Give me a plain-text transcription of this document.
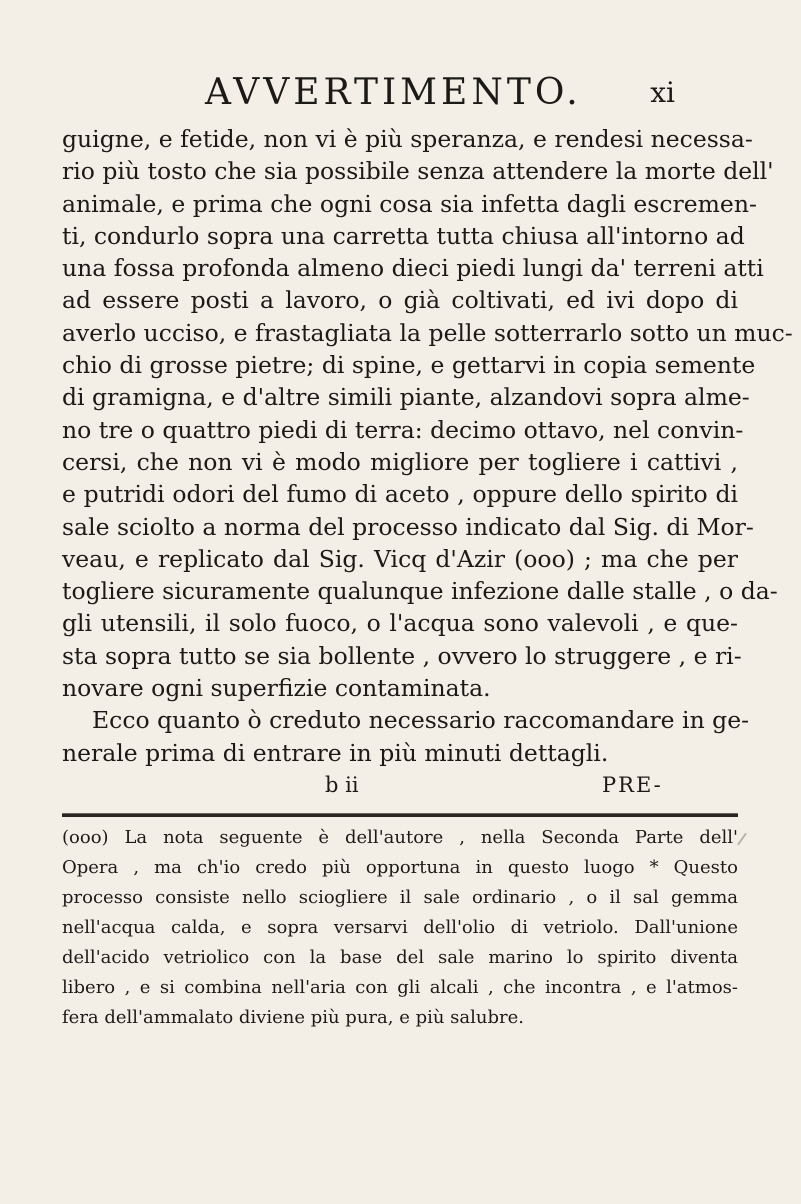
AVVERTIMENTO. xi
guigne, e fetide, non vi è più speranza, e rendesi necessa-
rio più tosto che sia possibile senza attendere la morte dell'
animale, e prima che ogni cosa sia infetta dagli escremen-
ti, condurlo sopra una carretta tutta chiusa all'intorno ad
una fossa profonda almeno dieci piedi lungi da' terreni atti
ad essere posti a lavoro, o già coltivati, ed ivi dopo di
averlo ucciso, e frastagliata la pelle sotterrarlo sotto un muc-
chio di grosse pietre; di spine, e gettarvi in copia semente
di gramigna, e d'altre simili piante, alzandovi sopra alme-
no tre o quattro piedi di terra: decimo ottavo, nel convin-
cersi, che non vi è modo migliore per togliere i cattivi ,
e putridi odori del fumo di aceto , oppure dello spirito di
sale sciolto a norma del processo indicato dal Sig. di Mor-
veau, e replicato dal Sig. Vicq d'Azir (ooo) ; ma che per
togliere sicuramente qualunque infezione dalle stalle , o da-
gli utensili, il solo fuoco, o l'acqua sono valevoli , e que-
sta sopra tutto se sia bollente , ovvero lo struggere , e ri-
novare ogni superfizie contaminata.
Ecco quanto ò creduto necessario raccomandare in ge-
nerale prima di entrare in più minuti dettagli.
b ii	PRE-
(ooo) La nota seguente è dell'autore , nella Seconda Parte dell'
Opera , ma ch'io credo più opportuna in questo luogo * Questo
processo consiste nello sciogliere il sale ordinario , o il sal gemma
nell'acqua calda, e sopra versarvi dell'olio di vetriolo. Dall'unione
dell'acido vetriolico con la base del sale marino lo spirito diventa
libero , e si combina nell'aria con gli alcali , che incontra , e l'atmos-
fera dell'ammalato diviene più pura, e più salubre.
